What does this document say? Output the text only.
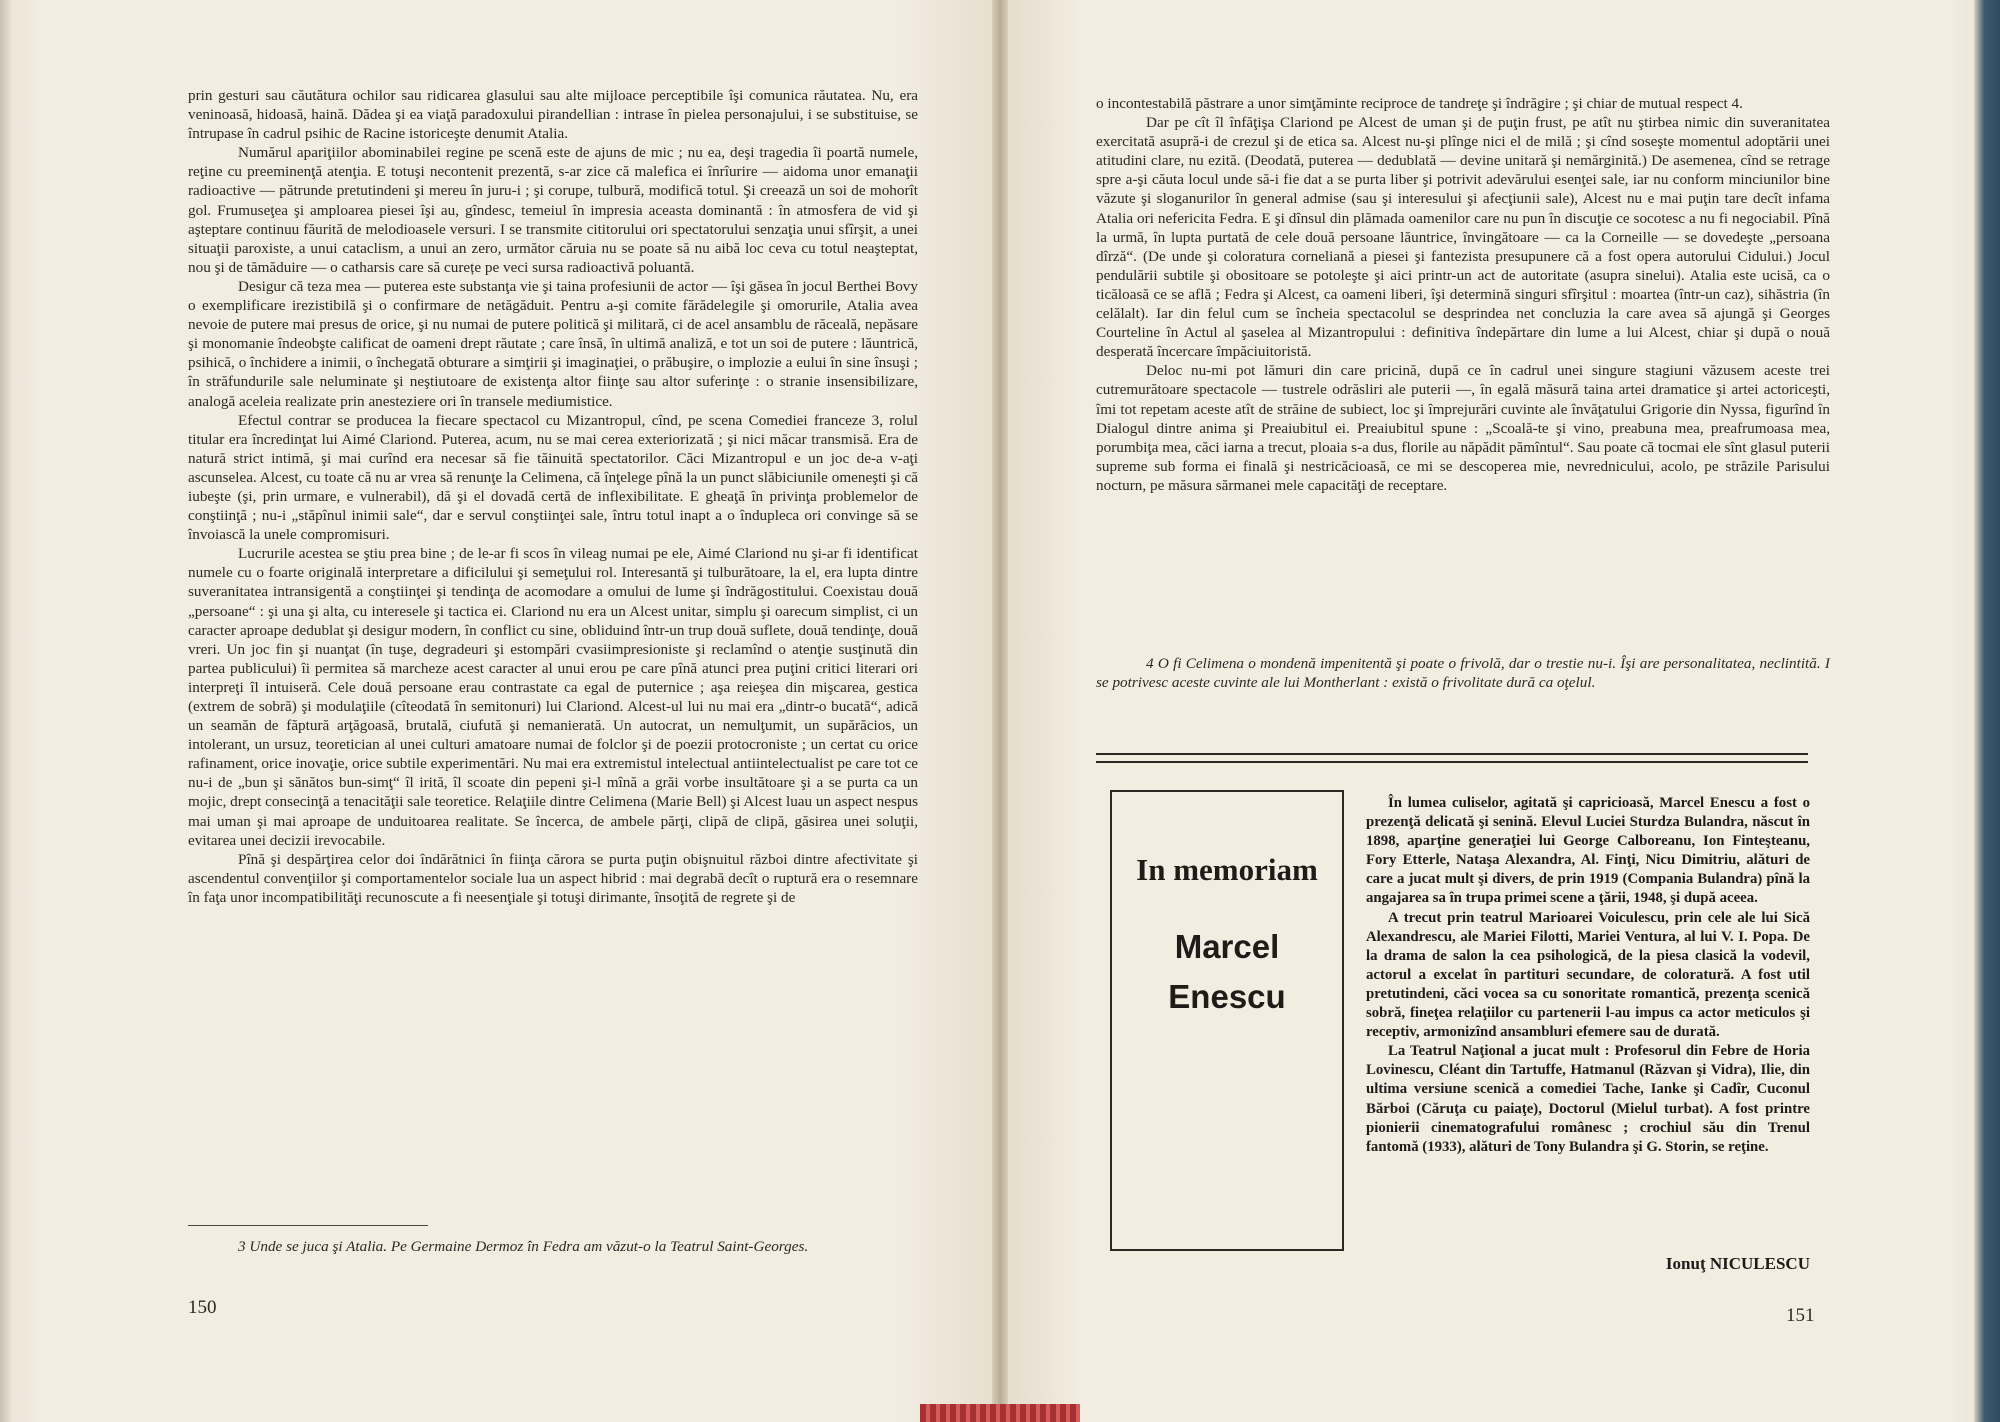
prin gesturi sau căutătura ochilor sau ridicarea glasului sau alte mijloace perceptibile îşi comunica răutatea. Nu, era veninoasă, hidoasă, haină. Dădea şi ea viaţă paradoxului pirandellian : intrase în pielea personajului, i se substituise, se întrupase în cadrul psihic de Racine istoriceşte denumit Atalia.

Numărul apariţiilor abominabilei regine pe scenă este de ajuns de mic ; nu ea, deşi tragedia îi poartă numele, reţine cu preeminenţă atenţia. E totuşi necontenit prezentă, s-ar zice că malefica ei înrîurire — aidoma unor emanaţii radioactive — pătrunde pretutindeni şi mereu în juru-i ; şi corupe, tulbură, modifică totul. Şi creează un soi de mohorît gol. Frumuseţea şi amploarea piesei îşi au, gîndesc, temeiul în impresia aceasta dominantă : în atmosfera de vid şi aşteptare continuu făurită de melodioasele versuri. I se transmite cititorului ori spectatorului senzaţia unui sfîrşit, a unei situaţii paroxiste, a unui cataclism, a unui an zero, următor căruia nu se poate să nu aibă loc ceva cu totul neaşteptat, nou şi de tămăduire — o catharsis care să curețe pe veci sursa radioactivă poluantă.

Desigur că teza mea — puterea este substanţa vie şi taina profesiunii de actor — îşi găsea în jocul Berthei Bovy o exemplificare irezistibilă şi o confirmare de netăgăduit. Pentru a-şi comite fărădelegile şi omorurile, Atalia avea nevoie de putere mai presus de orice, şi nu numai de putere politică şi militară, ci de acel ansamblu de răceală, nepăsare şi monomanie îndeobşte calificat de oameni drept răutate ; care însă, în ultimă analiză, e tot un soi de putere : lăuntrică, psihică, o închidere a inimii, o închegată obturare a simţirii şi imaginaţiei, o prăbuşire, o implozie a eului în sine însuşi ; în străfundurile sale neluminate şi neştiutoare de existenţa altor fiinţe sau altor suferinţe : o stranie insensibilizare, analogă aceleia realizate prin anesteziere ori în transele mediumistice.

Efectul contrar se producea la fiecare spectacol cu Mizantropul, cînd, pe scena Comediei franceze 3, rolul titular era încredinţat lui Aimé Clariond. Puterea, acum, nu se mai cerea exteriorizată ; şi nici măcar transmisă. Era de natură strict intimă, şi mai curînd era necesar să fie tăinuită spectatorilor. Căci Mizantropul e un joc de-a v-aţi ascunselea. Alcest, cu toate că nu ar vrea să renunţe la Celimena, că înţelege pînă la un punct slăbiciunile omeneşti şi că iubeşte (şi, prin urmare, e vulnerabil), dă şi el dovadă certă de inflexibilitate. E gheaţă în privinţa problemelor de conştiinţă ; nu-i „stăpînul inimii sale“, dar e servul conştiinţei sale, întru totul inapt a o îndupleca ori convinge să se învoiască la unele compromisuri.

Lucrurile acestea se ştiu prea bine ; de le-ar fi scos în vileag numai pe ele, Aimé Clariond nu şi-ar fi identificat numele cu o foarte originală interpretare a dificilului şi semeţului rol. Interesantă şi tulburătoare, la el, era lupta dintre suveranitatea intransigentă a conştiinţei şi tendinţa de acomodare a omului de lume şi îndrăgostitului. Coexistau două „persoane“ : şi una şi alta, cu interesele şi tactica ei. Clariond nu era un Alcest unitar, simplu şi oarecum simplist, ci un caracter aproape dedublat şi desigur modern, în conflict cu sine, obliduind într-un trup două suflete, două tendinţe, două vreri. Un joc fin şi nuanţat (în tuşe, degradeuri şi estompări cvasiimpresioniste şi reclamînd o atenţie susţinută din partea publicului) îi permitea să marcheze acest caracter al unui erou pe care pînă atunci prea puţini critici literari ori interpreţi îl intuiseră. Cele două persoane erau contrastate ca egal de puternice ; aşa reieşea din mişcarea, gestica (extrem de sobră) şi modulaţiile (cîteodată în semitonuri) lui Clariond. Alcest-ul lui nu mai era „dintr-o bucată“, adică un seamăn de făptură arţăgoasă, brutală, ciufută şi nemanierată. Un autocrat, un nemulţumit, un supărăcios, un intolerant, un ursuz, teoretician al unei culturi amatoare numai de folclor şi de poezii protocroniste ; un certat cu orice rafinament, orice inovaţie, orice subtile experimentări. Nu mai era extremistul intelectual antiintelectualist pe care tot ce nu-i de „bun şi sănătos bun-simţ“ îl irită, îl scoate din pepeni şi-l mînă a grăi vorbe insultătoare şi a se purta ca un mojic, drept consecinţă a tenacităţii sale teoretice. Relaţiile dintre Celimena (Marie Bell) şi Alcest luau un aspect nespus mai uman şi mai aproape de unduitoarea realitate. Se încerca, de ambele părţi, clipă de clipă, găsirea unei soluţii, evitarea unei decizii irevocabile.

Pînă şi despărţirea celor doi îndărătnici în fiinţa cărora se purta puţin obişnuitul război dintre afectivitate şi ascendentul convenţiilor şi comportamentelor sociale lua un aspect hibrid : mai degrabă decît o ruptură era o resemnare în faţa unor incompatibilităţi recunoscute a fi neesenţiale şi totuşi dirimante, însoţită de regrete şi de

3 Unde se juca şi Atalia. Pe Germaine Dermoz în Fedra am văzut-o la Teatrul Saint-Georges.

150

o incontestabilă păstrare a unor simţăminte reciproce de tandreţe şi îndrăgire ; şi chiar de mutual respect 4.

Dar pe cît îl înfăţişa Clariond pe Alcest de uman şi de puţin frust, pe atît nu ştirbea nimic din suveranitatea exercitată asupră-i de crezul şi de etica sa. Alcest nu-şi plînge nici el de milă ; şi cînd soseşte momentul adoptării unei atitudini clare, nu ezită. (Deodată, puterea — dedublată — devine unitară şi nemărginită.) De asemenea, cînd se retrage spre a-şi căuta locul unde să-i fie dat a se purta liber şi potrivit adevărului esenţei sale, iar nu conform minciunilor bine văzute şi sloganurilor în general admise (sau şi interesului şi afecţiunii sale), Alcest nu e mai puţin tare decît infama Atalia ori nefericita Fedra. E şi dînsul din plămada oamenilor care nu pun în discuţie ce socotesc a nu fi negociabil. Pînă la urmă, în lupta purtată de cele două persoane lăuntrice, învingătoare — ca la Corneille — se dovedeşte „persoana dîrză“. (De unde şi coloratura corneliană a piesei şi fantezista presupunere că a fost opera autorului Cidului.) Jocul pendulării subtile şi obositoare se potoleşte şi aici printr-un act de autoritate (asupra sinelui). Atalia este ucisă, ca o ticăloasă ce se află ; Fedra şi Alcest, ca oameni liberi, îşi determină singuri sfîrşitul : moartea (într-un caz), sihăstria (în celălalt). Iar din felul cum se încheia spectacolul se desprindea net concluzia la care avea să ajungă şi Georges Courteline în Actul al şaselea al Mizantropului : definitiva îndepărtare din lume a lui Alcest, chiar şi după o nouă desperată încercare împăciuitoristă.

Deloc nu-mi pot lămuri din care pricină, după ce în cadrul unei singure stagiuni văzusem aceste trei cutremurătoare spectacole — tustrele odrăsliri ale puterii —, în egală măsură taina artei dramatice şi artei actoriceşti, îmi tot repetam aceste atît de străine de subiect, loc şi împrejurări cuvinte ale învăţatului Grigorie din Nyssa, figurînd în Dialogul dintre anima şi Preaiubitul ei. Preaiubitul spune : „Scoală-te şi vino, preabuna mea, preafrumoasa mea, porumbiţa mea, căci iarna a trecut, ploaia s-a dus, florile au năpădit pămîntul“. Sau poate că tocmai ele sînt glasul puterii supreme sub forma ei finală şi nestricăcioasă, ce mi se descoperea mie, nevrednicului, acolo, pe străzile Parisului nocturn, pe măsura sărmanei mele capacităţi de receptare.

4 O fi Celimena o mondenă impenitentă şi poate o frivolă, dar o trestie nu-i. Îşi are personalitatea, neclintită. I se potrivesc aceste cuvinte ale lui Montherlant : există o frivolitate dură ca oţelul.

In memoriam
Marcel
Enescu

În lumea culiselor, agitată şi capricioasă, Marcel Enescu a fost o prezenţă delicată şi senină. Elevul Luciei Sturdza Bulandra, născut în 1898, aparţine generaţiei lui George Calboreanu, Ion Finteşteanu, Fory Etterle, Nataşa Alexandra, Al. Finţi, Nicu Dimitriu, alături de care a jucat mult şi divers, de prin 1919 (Compania Bulandra) pînă la angajarea sa în trupa primei scene a ţării, 1948, şi după aceea.

A trecut prin teatrul Marioarei Voiculescu, prin cele ale lui Sică Alexandrescu, ale Mariei Filotti, Mariei Ventura, al lui V. I. Popa. De la drama de salon la cea psihologică, de la piesa clasică la vodevil, actorul a excelat în partituri secundare, de coloratură. A fost util pretutindeni, căci vocea sa cu sonoritate romantică, prezenţa scenică sobră, fineţea relaţiilor cu partenerii l-au impus ca actor meticulos şi receptiv, armonizînd ansambluri efemere sau de durată.

La Teatrul Naţional a jucat mult : Profesorul din Febre de Horia Lovinescu, Cléant din Tartuffe, Hatmanul (Răzvan şi Vidra), Ilie, din ultima versiune scenică a comediei Tache, Ianke şi Cadîr, Cuconul Bărboi (Căruţa cu paiaţe), Doctorul (Mielul turbat). A fost printre pionierii cinematografului românesc ; crochiul său din Trenul fantomă (1933), alături de Tony Bulandra şi G. Storin, se reţine.

Ionuţ NICULESCU
151
